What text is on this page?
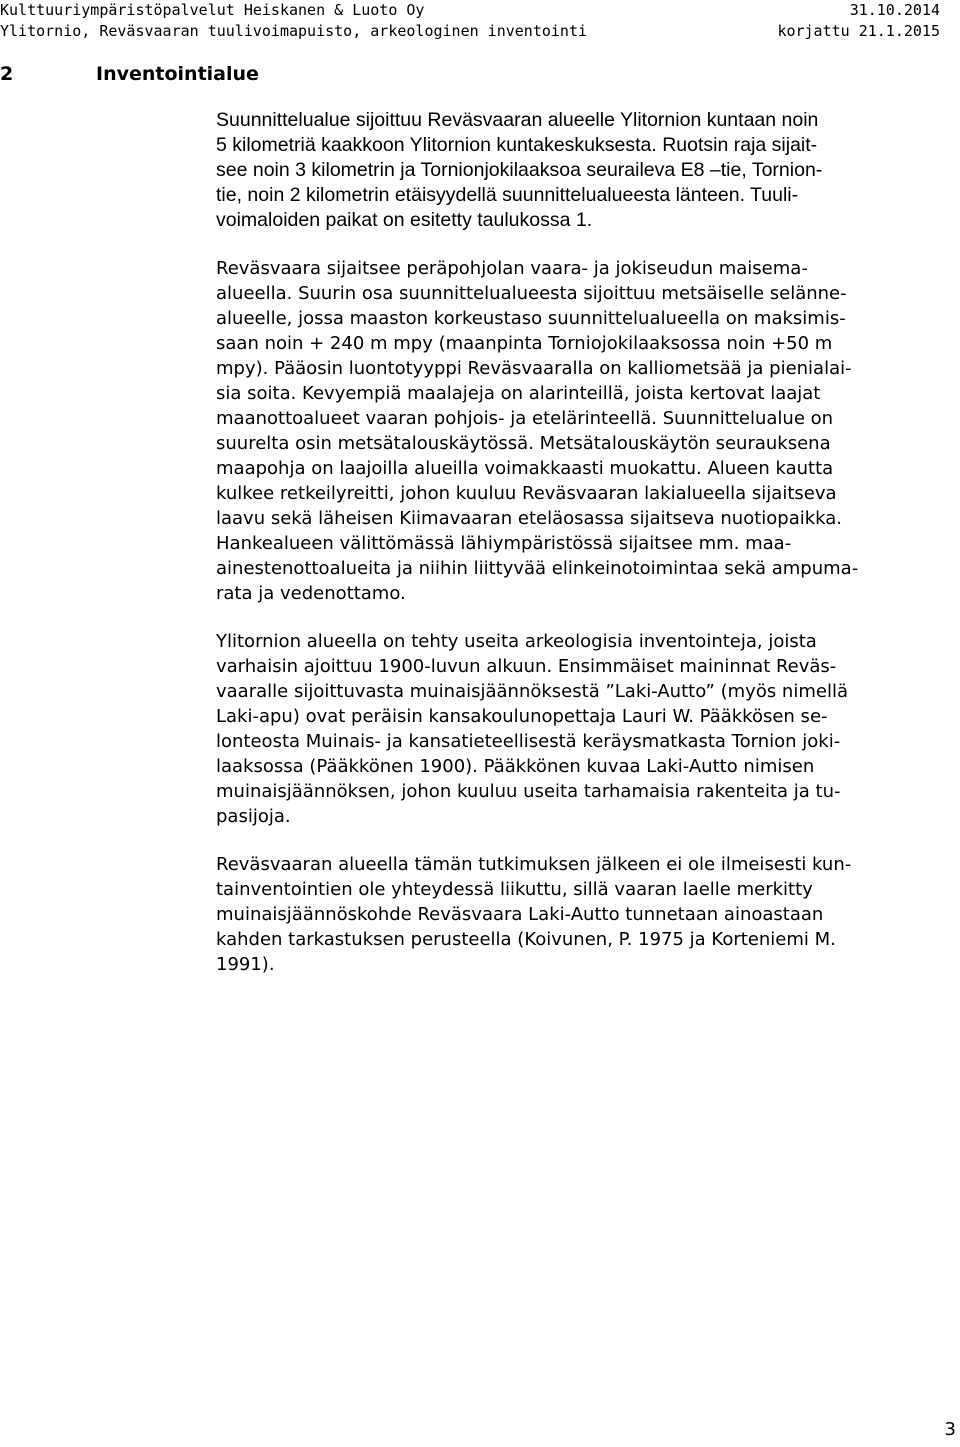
Kulttuuriympäristöpalvelut Heiskanen & Luoto Oy	31.10.2014
Ylitornio, Reväsvaaran tuulivoimapuisto, arkeologinen inventointi	korjattu 21.1.2015
2	Inventointialue

Suunnittelualue sijoittuu Reväsvaaran alueelle Ylitornion kuntaan noin
5 kilometriä kaakkoon Ylitornion kuntakeskuksesta. Ruotsin raja sijait-
see noin 3 kilometrin ja Tornionjokilaaksoa seuraileva E8 –tie, Tornion-
tie, noin 2 kilometrin etäisyydellä suunnittelualueesta länteen. Tuuli-
voimaloiden paikat on esitetty taulukossa 1.

Reväsvaara sijaitsee peräpohjolan vaara- ja jokiseudun maisema-
alueella. Suurin osa suunnittelualueesta sijoittuu metsäiselle selänne-
alueelle, jossa maaston korkeustaso suunnittelualueella on maksimis-
saan noin + 240 m mpy (maanpinta Torniojokilaaksossa noin +50 m
mpy). Pääosin luontotyyppi Reväsvaaralla on kalliometsää ja pienialai-
sia soita. Kevyempiä maalajeja on alarinteillä, joista kertovat laajat
maanottoalueet vaaran pohjois- ja etelärinteellä. Suunnittelualue on
suurelta osin metsätalouskäytössä. Metsätalouskäytön seurauksena
maapohja on laajoilla alueilla voimakkaasti muokattu. Alueen kautta
kulkee retkeilyreitti, johon kuuluu Reväsvaaran lakialueella sijaitseva
laavu sekä läheisen Kiimavaaran eteläosassa sijaitseva nuotiopaikka.
Hankealueen välittömässä lähiympäristössä sijaitsee mm. maa-
ainestenottoalueita ja niihin liittyvää elinkeinotoimintaa sekä ampuma-
rata ja vedenottamo.

Ylitornion alueella on tehty useita arkeologisia inventointeja, joista
varhaisin ajoittuu 1900-luvun alkuun. Ensimmäiset maininnat Reväs-
vaaralle sijoittuvasta muinaisjäännöksestä ”Laki-Autto” (myös nimellä
Laki-apu) ovat peräisin kansakoulunopettaja Lauri W. Pääkkösen se-
lonteosta Muinais- ja kansatieteellisestä keräysmatkasta Tornion joki-
laaksossa (Pääkkönen 1900). Pääkkönen kuvaa Laki-Autto nimisen
muinaisjäännöksen, johon kuuluu useita tarhamaisia rakenteita ja tu-
pasijoja.

Reväsvaaran alueella tämän tutkimuksen jälkeen ei ole ilmeisesti kun-
tainventointien ole yhteydessä liikuttu, sillä vaaran laelle merkitty
muinaisjäännöskohde Reväsvaara Laki-Autto tunnetaan ainoastaan
kahden tarkastuksen perusteella (Koivunen, P. 1975 ja Korteniemi M.
1991).

3
